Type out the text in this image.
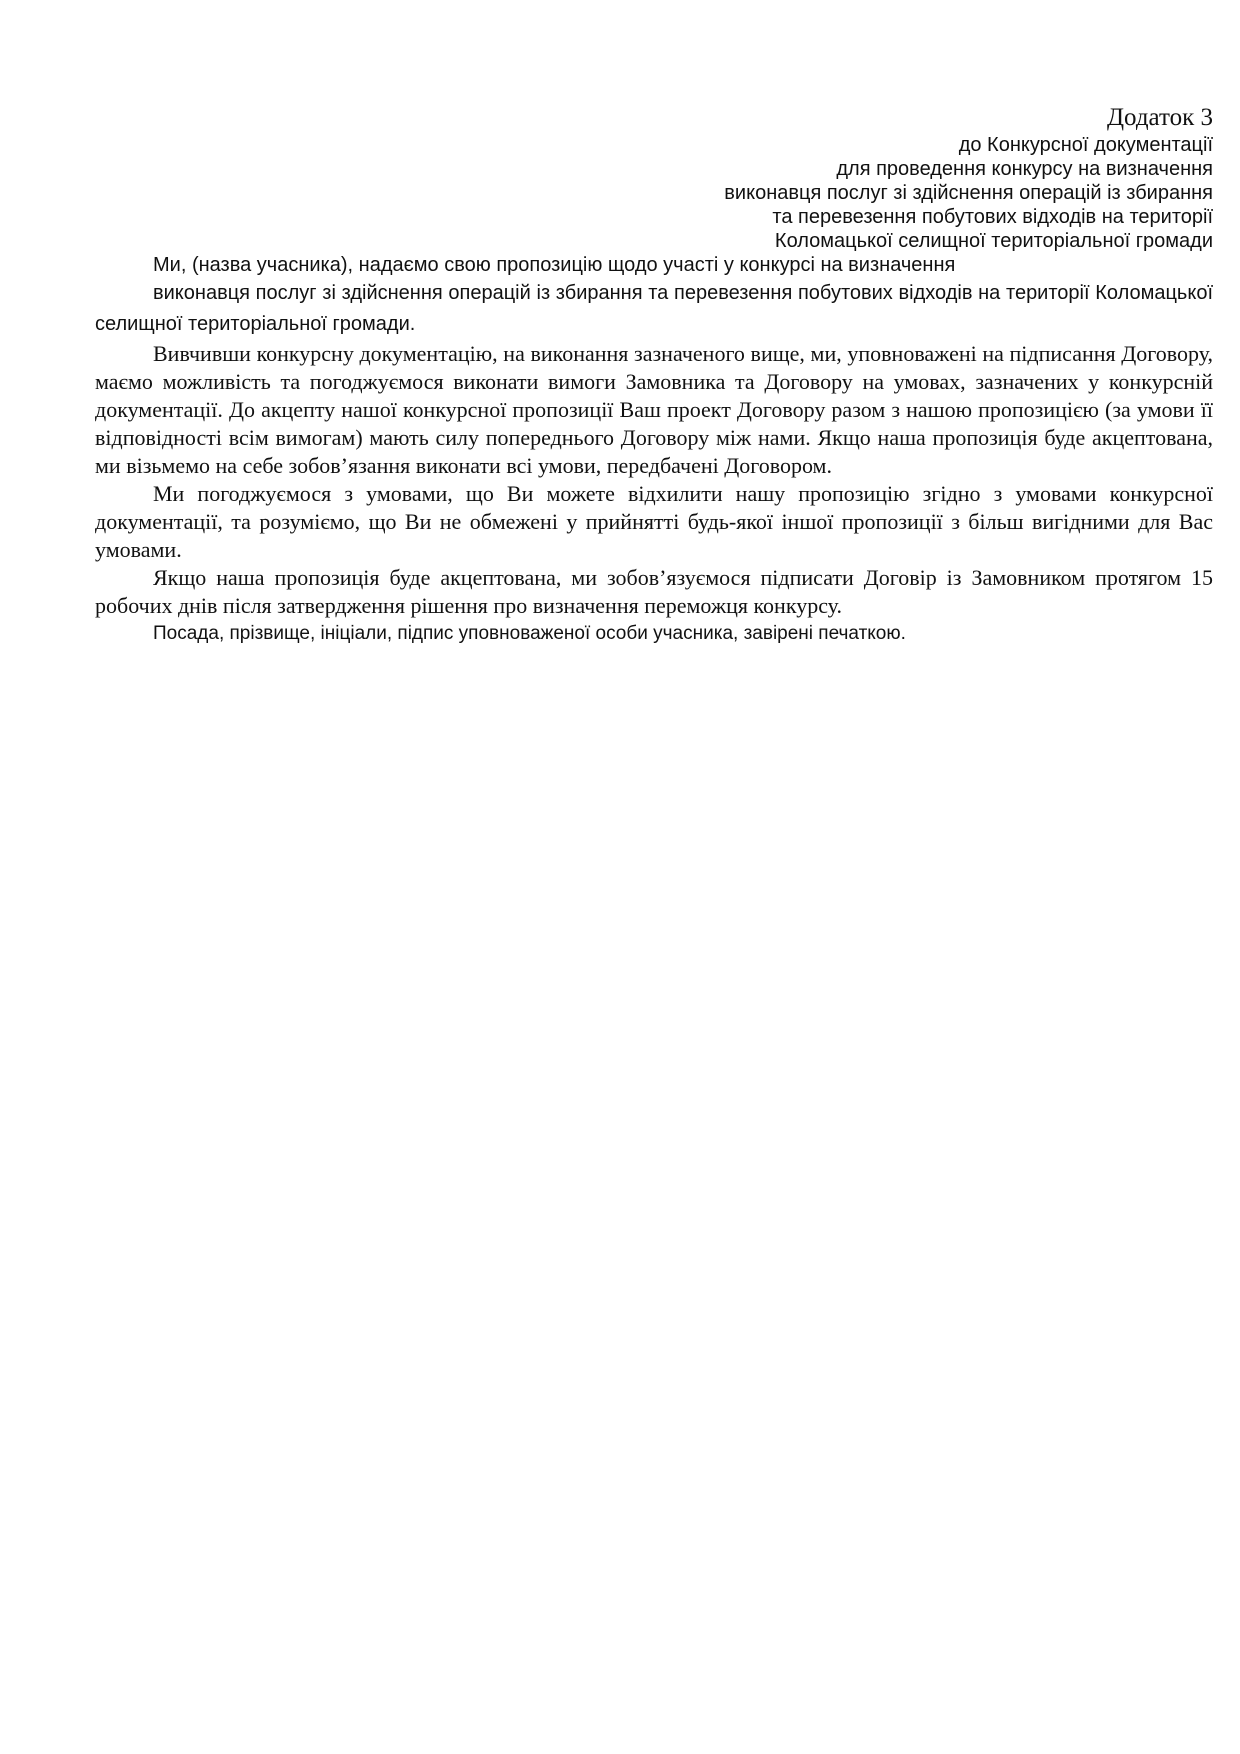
Додаток 3

до Конкурсної документації

для проведення конкурсу на визначення

виконавця послуг зі здійснення операцій із збирання

та перевезення побутових відходів на території

Коломацької селищної територіальної громади

Ми, (назва учасника), надаємо свою пропозицію щодо участі у конкурсі на визначення

виконавця послуг зі здійснення операцій із збирання та перевезення побутових відходів на території Коломацької селищної територіальної громади.

Вивчивши конкурсну документацію, на виконання зазначеного вище, ми, уповноважені на підписання Договору, маємо можливість та погоджуємося виконати вимоги Замовника та Договору на умовах, зазначених у конкурсній документації. До акцепту нашої конкурсної пропозиції Ваш проект Договору разом з нашою пропозицією (за умови її відповідності всім вимогам) мають силу попереднього Договору між нами. Якщо наша пропозиція буде акцептована, ми візьмемо на себе зобов’язання виконати всі умови, передбачені Договором.

Ми погоджуємося з умовами, що Ви можете відхилити нашу пропозицію згідно з умовами конкурсної документації, та розуміємо, що Ви не обмежені у прийнятті будь-якої іншої пропозиції з більш вигідними для Вас умовами.

Якщо наша пропозиція буде акцептована, ми зобов’язуємося підписати Договір із Замовником протягом 15 робочих днів після затвердження рішення про визначення переможця конкурсу.

Посада, прізвище, ініціали, підпис уповноваженої особи учасника, завірені печаткою.
